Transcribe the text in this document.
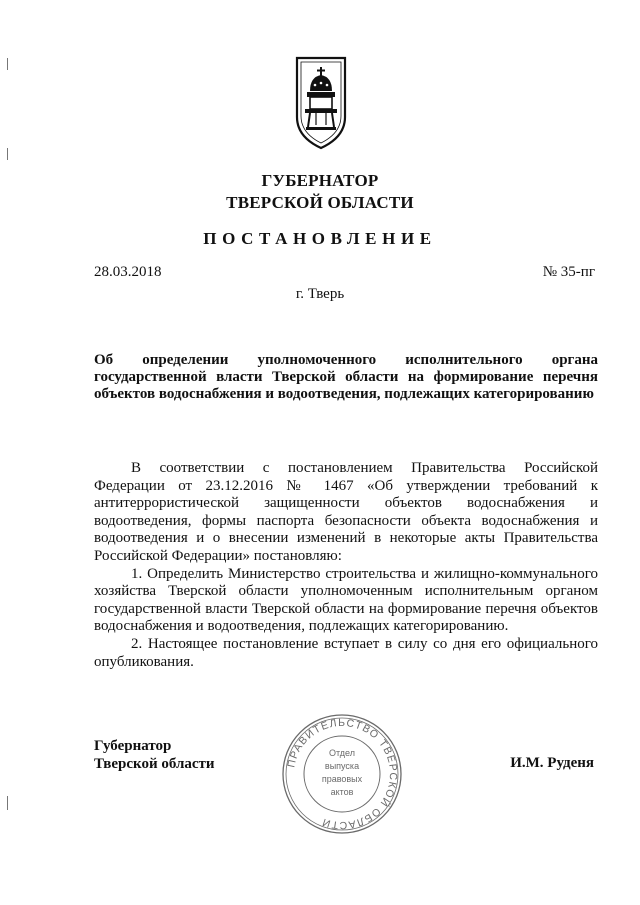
ГУБЕРНАТОР
ТВЕРСКОЙ ОБЛАСТИ
ПОСТАНОВЛЕНИЕ
28.03.2018	№ 35-пг
г. Тверь
Об определении уполномоченного исполнительного органа государственной власти Тверской области на формирование перечня объектов водоснабжения и водоотведения, подлежащих категорированию

В соответствии с постановлением Правительства Российской Федерации от 23.12.2016 № 1467 «Об утверждении требований к антитеррористической защищенности объектов водоснабжения и водоотведения, формы паспорта безопасности объекта водоснабжения и водоотведения и о внесении изменений в некоторые акты Правительства Российской Федерации» постановляю:

1. Определить Министерство строительства и жилищно-коммунального хозяйства Тверской области уполномоченным исполнительным органом государственной власти Тверской области на формирование перечня объектов водоснабжения и водоотведения, подлежащих категорированию.

2. Настоящее постановление вступает в силу со дня его официального опубликования.

Губернатор
Тверской области	И.М. Руденя
ПРАВИТЕЛЬСТВО ТВЕРСКОЙ ОБЛАСТИ
Отдел
выпуска
правовых
актов
